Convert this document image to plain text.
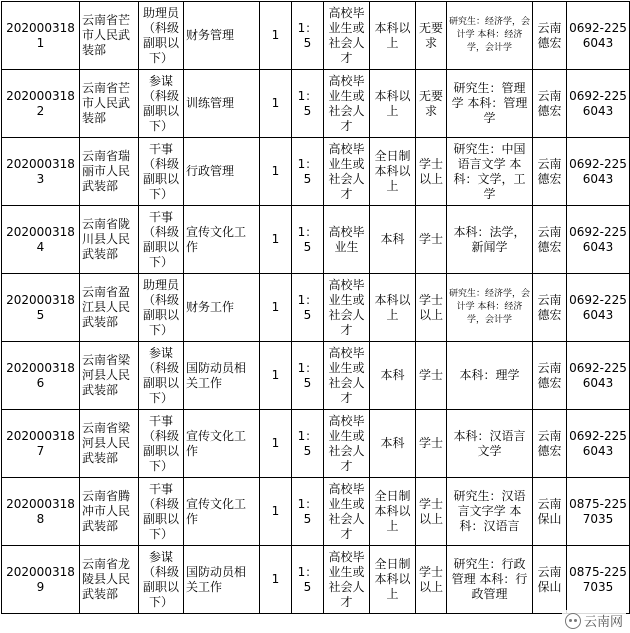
2020003181	云南省芒市人民武装部	助理员（科级副职以下）	财务管理	1	1：5	高校毕业生或社会人才	本科以上	无要求	研究生：经济学，会计学 本科：经济学，会计学	云南德宏	0692-2256043
2020003182	云南省芒市人民武装部	参谋（科级副职以下）	训练管理	1	1：5	高校毕业生或社会人才	本科以上	无要求	研究生：管理学 本科：管理学	云南德宏	0692-2256043
2020003183	云南省瑞丽市人民武装部	干事（科级副职以下）	行政管理	1	1：5	高校毕业生或社会人才	全日制本科以上	学士以上	研究生：中国语言文学 本科：文学，工学	云南德宏	0692-2256043
2020003184	云南省陇川县人民武装部	干事（科级副职以下）	宣传文化工作	1	1：5	高校毕业生	本科	学士	本科：法学，新闻学	云南德宏	0692-2256043
2020003185	云南省盈江县人民武装部	助理员（科级副职以下）	财务工作	1	1：5	高校毕业生或社会人才	本科以上	学士以上	研究生：经济学，会计学 本科：经济学，会计学	云南德宏	0692-2256043
2020003186	云南省梁河县人民武装部	参谋（科级副职以下）	国防动员相关工作	1	1：5	高校毕业生或社会人才	本科	学士	本科：理学	云南德宏	0692-2256043
2020003187	云南省梁河县人民武装部	干事（科级副职以下）	宣传文化工作	1	1：5	高校毕业生或社会人才	本科	学士	本科：汉语言文学	云南德宏	0692-2256043
2020003188	云南省腾冲市人民武装部	干事（科级副职以下）	宣传文化工作	1	1：5	高校毕业生或社会人才	全日制本科以上	学士以上	研究生：汉语言文字学 本科：汉语言	云南保山	0875-2257035
2020003189	云南省龙陵县人民武装部	参谋（科级副职以下）	国防动员相关工作	1	1：5	高校毕业生或社会人才	全日制本科以上	学士以上	研究生：行政管理 本科：行政管理	云南保山	0875-2257035
云南网
